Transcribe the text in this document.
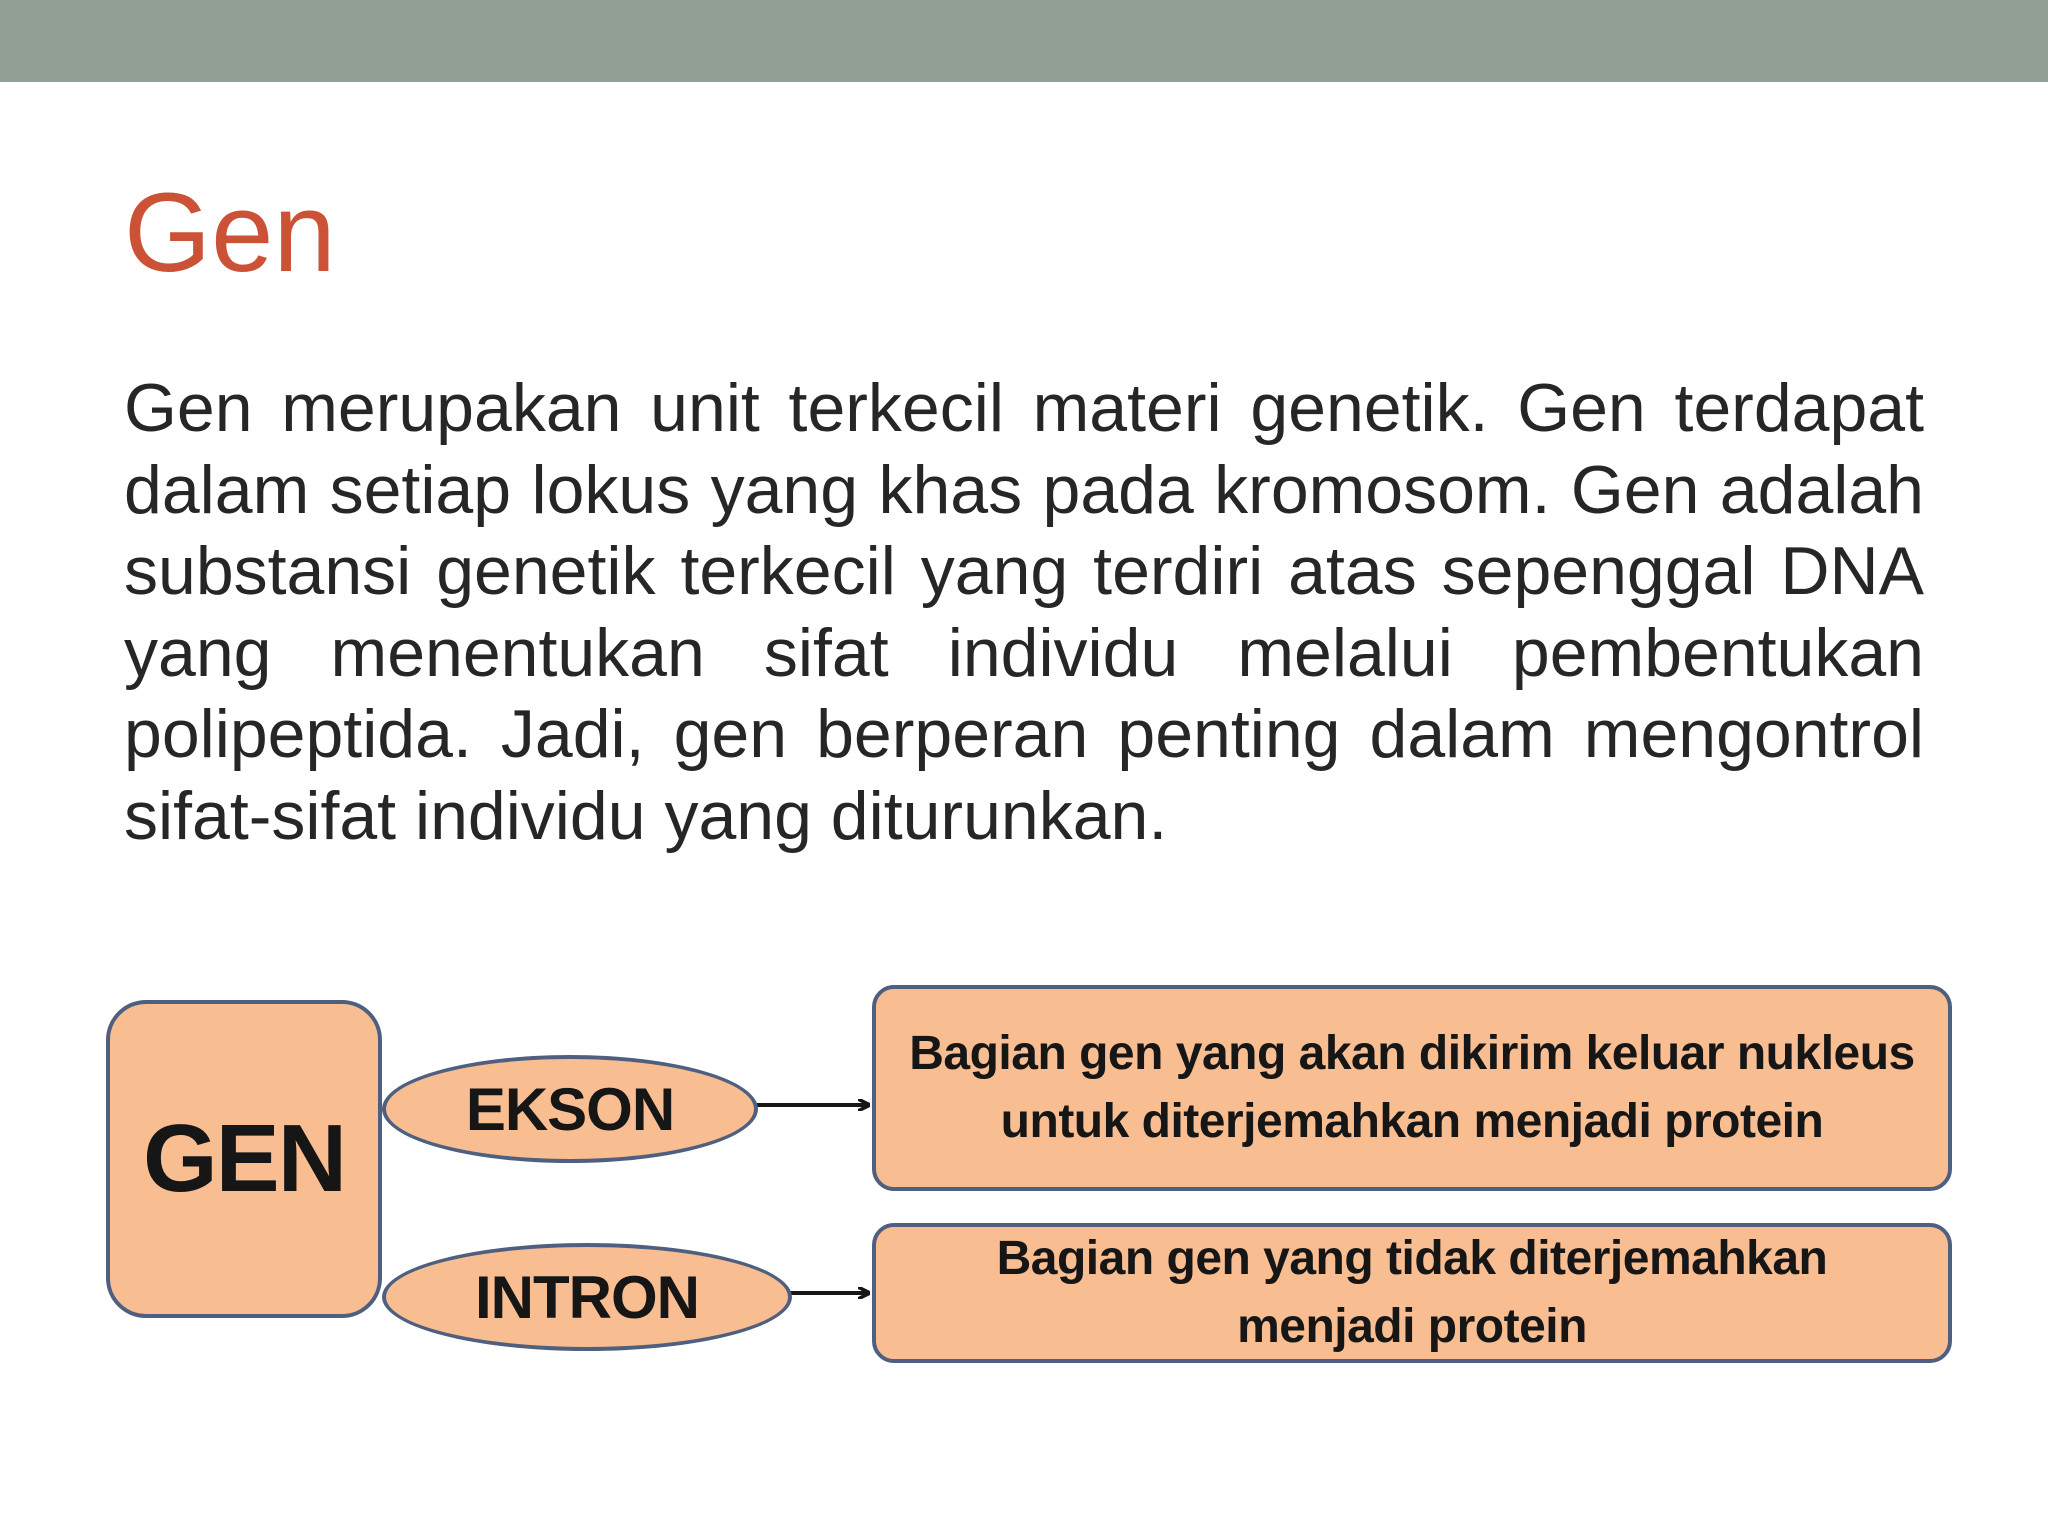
Gen

Gen merupakan unit terkecil materi genetik. Gen terdapat dalam setiap lokus yang khas pada kromosom. Gen adalah substansi genetik terkecil yang terdiri atas sepenggal DNA yang menentukan sifat individu melalui pembentukan polipeptida. Jadi, gen berperan penting dalam mengontrol sifat-sifat individu yang diturunkan.

GEN EKSON
INTRON
Bagian gen yang akan dikirim keluar nukleus untuk diterjemahkan menjadi protein
Bagian gen yang tidak diterjemahkan menjadi protein
